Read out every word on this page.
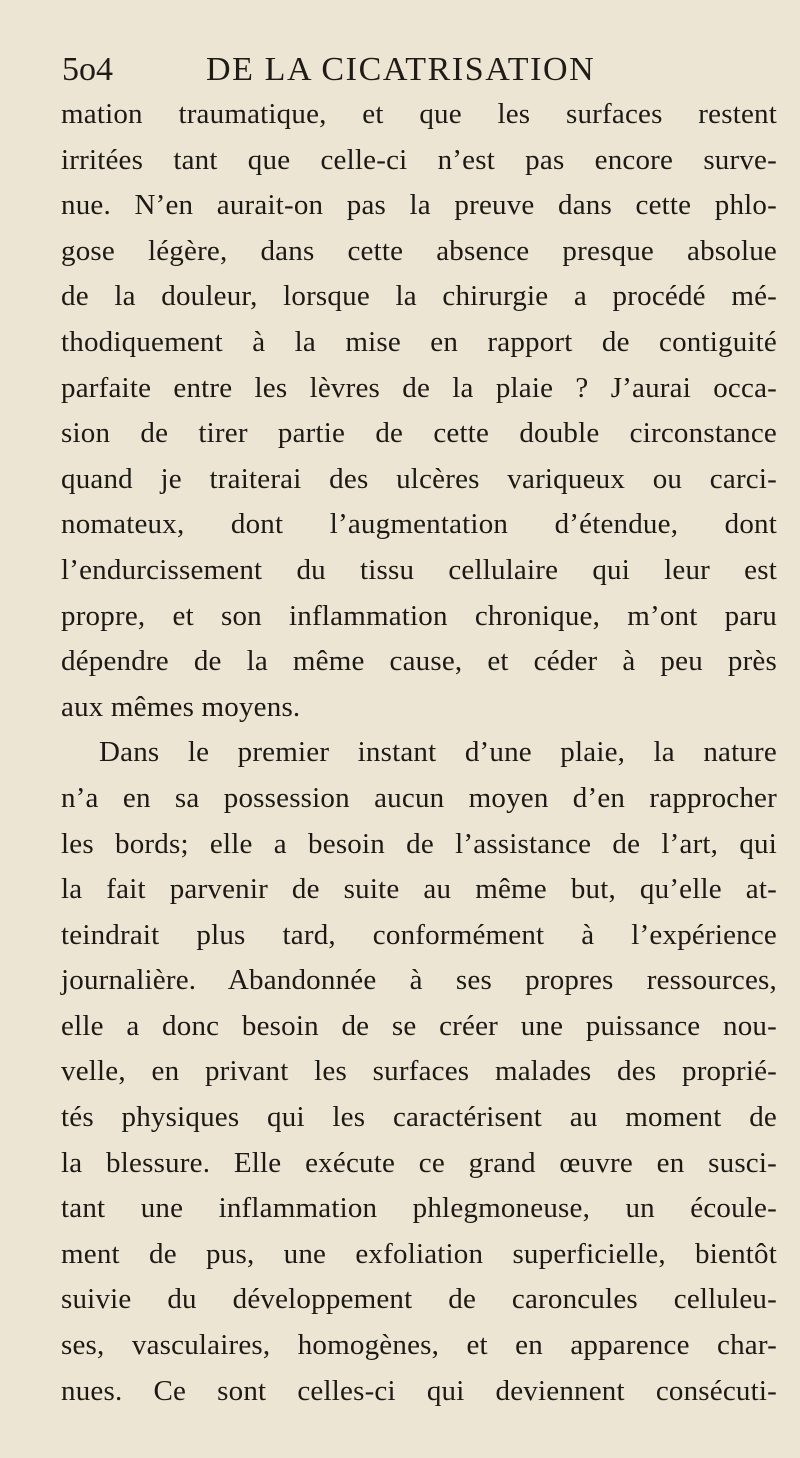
5o4	DE LA CICATRISATION
mation traumatique, et que les surfaces restent
irritées tant que celle-ci n’est pas encore surve-
nue. N’en aurait-on pas la preuve dans cette phlo-
gose légère, dans cette absence presque absolue
de la douleur, lorsque la chirurgie a procédé mé-
thodiquement à la mise en rapport de contiguité
parfaite entre les lèvres de la plaie ? J’aurai occa-
sion de tirer partie de cette double circonstance
quand je traiterai des ulcères variqueux ou carci-
nomateux, dont l’augmentation d’étendue, dont
l’endurcissement du tissu cellulaire qui leur est
propre, et son inflammation chronique, m’ont paru
dépendre de la même cause, et céder à peu près
aux mêmes moyens.
Dans le premier instant d’une plaie, la nature
n’a en sa possession aucun moyen d’en rapprocher
les bords; elle a besoin de l’assistance de l’art, qui
la fait parvenir de suite au même but, qu’elle at-
teindrait plus tard, conformément à l’expérience
journalière. Abandonnée à ses propres ressources,
elle a donc besoin de se créer une puissance nou-
velle, en privant les surfaces malades des proprié-
tés physiques qui les caractérisent au moment de
la blessure. Elle exécute ce grand œuvre en susci-
tant une inflammation phlegmoneuse, un écoule-
ment de pus, une exfoliation superficielle, bientôt
suivie du développement de caroncules celluleu-
ses, vasculaires, homogènes, et en apparence char-
nues. Ce sont celles-ci qui deviennent consécuti-
